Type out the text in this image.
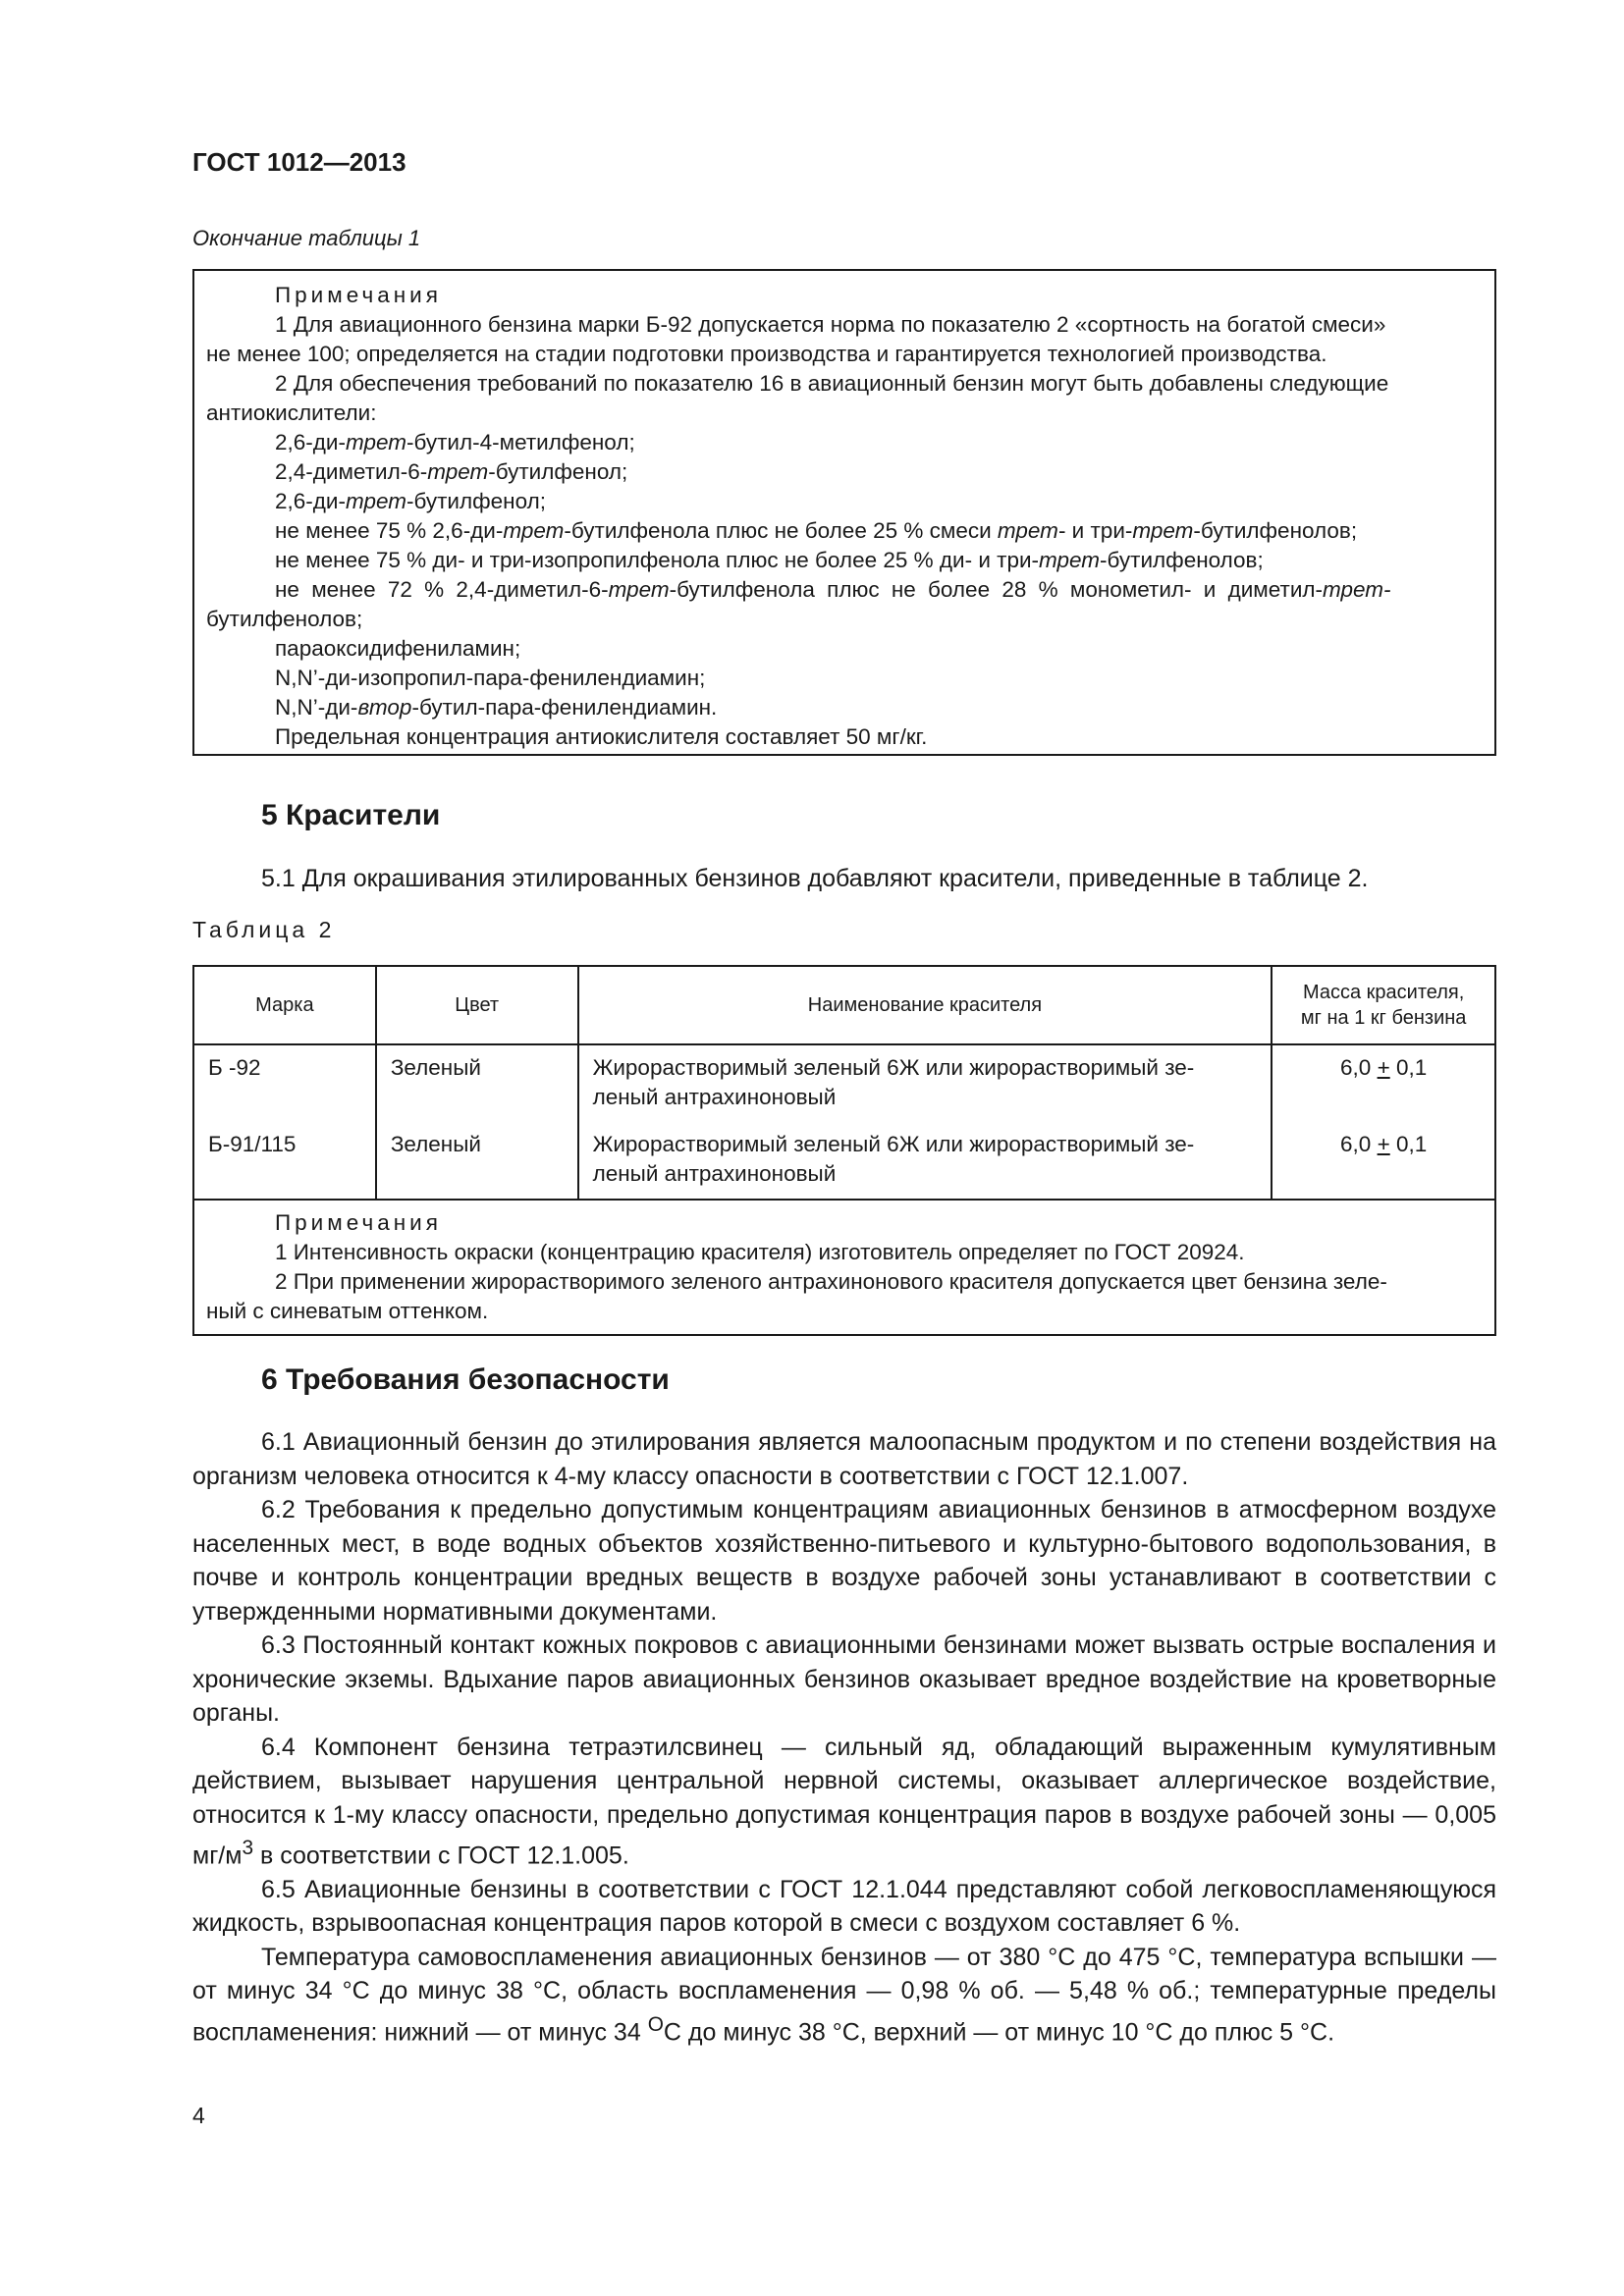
ГОСТ 1012—2013
Окончание таблицы 1

Примечания

1 Для авиационного бензина марки Б-92 допускается норма по показателю 2 «сортность на богатой смеси»

не менее 100; определяется на стадии подготовки производства и гарантируется технологией производства.

2 Для обеспечения требований по показателю 16 в авиационный бензин могут быть добавлены следующие

антиокислители:

2,6-ди-трет-бутил-4-метилфенол;

2,4-диметил-6-трет-бутилфенол;

2,6-ди-трет-бутилфенол;

не менее 75 % 2,6-ди-трет-бутилфенола плюс не более 25 % смеси трет- и три-трет-бутилфенолов;

не менее 75 % ди- и три-изопропилфенола плюс не более 25 % ди- и три-трет-бутилфенолов;

не менее 72 % 2,4-диметил-6-трет-бутилфенола плюс не более 28 % монометил- и диметил-трет-

бутилфенолов;

параоксидифениламин;

N,N’-ди-изопропил-пара-фенилендиамин;

N,N’-ди-втор-бутил-пара-фенилендиамин.

Предельная концентрация антиокислителя составляет 50 мг/кг.

5 Красители

5.1 Для окрашивания этилированных бензинов добавляют красители, приведенные в таблице 2.

Таблица 2
Марка	Цвет	Наименование красителя	Масса красителя,
мг на 1 кг бензина
Б -92	Зеленый	Жирорастворимый зеленый 6Ж или жирорастворимый зе-
леный антрахиноновый	6,0 + 0,1
Б-91/115	Зеленый	Жирорастворимый зеленый 6Ж или жирорастворимый зе-
леный антрахиноновый	6,0 + 0,1

Примечания
1 Интенсивность окраски (концентрацию красителя) изготовитель определяет по ГОСТ 20924.
2 При применении жирорастворимого зеленого антрахинонового красителя допускается цвет бензина зеле-
ный с синеватым оттенком.			
6 Требования безопасности

6.1 Авиационный бензин до этилирования является малоопасным продуктом и по степени воздействия на организм человека относится к 4-му классу опасности в соответствии с ГОСТ 12.1.007.

6.2 Требования к предельно допустимым концентрациям авиационных бензинов в атмосферном воздухе населенных мест, в воде водных объектов хозяйственно-питьевого и культурно-бытового водопользования, в почве и контроль концентрации вредных веществ в воздухе рабочей зоны устанавливают в соответствии с утвержденными нормативными документами.

6.3 Постоянный контакт кожных покровов с авиационными бензинами может вызвать острые воспаления и хронические экземы. Вдыхание паров авиационных бензинов оказывает вредное воздействие на кроветворные органы.

6.4 Компонент бензина тетраэтилсвинец — сильный яд, обладающий выраженным кумулятивным действием, вызывает нарушения центральной нервной системы, оказывает аллергическое воздействие, относится к 1-му классу опасности, предельно допустимая концентрация паров в воздухе рабочей зоны — 0,005 $мг/м^3$ в соответствии с ГОСТ 12.1.005.

6.5 Авиационные бензины в соответствии с ГОСТ 12.1.044 представляют собой легковоспламеняющуюся жидкость, взрывоопасная концентрация паров которой в смеси с воздухом составляет 6 %.

Температура самовоспламенения авиационных бензинов — от 380 °С до 475 °С, температура вспышки — от минус 34 °С до минус 38 °С, область воспламенения — 0,98 % об. — 5,48 % об.; температурные пределы воспламенения: нижний — от минус 34 $^О$С до минус 38 °С, верхний — от минус 10 °С до плюс 5 °С.

4
